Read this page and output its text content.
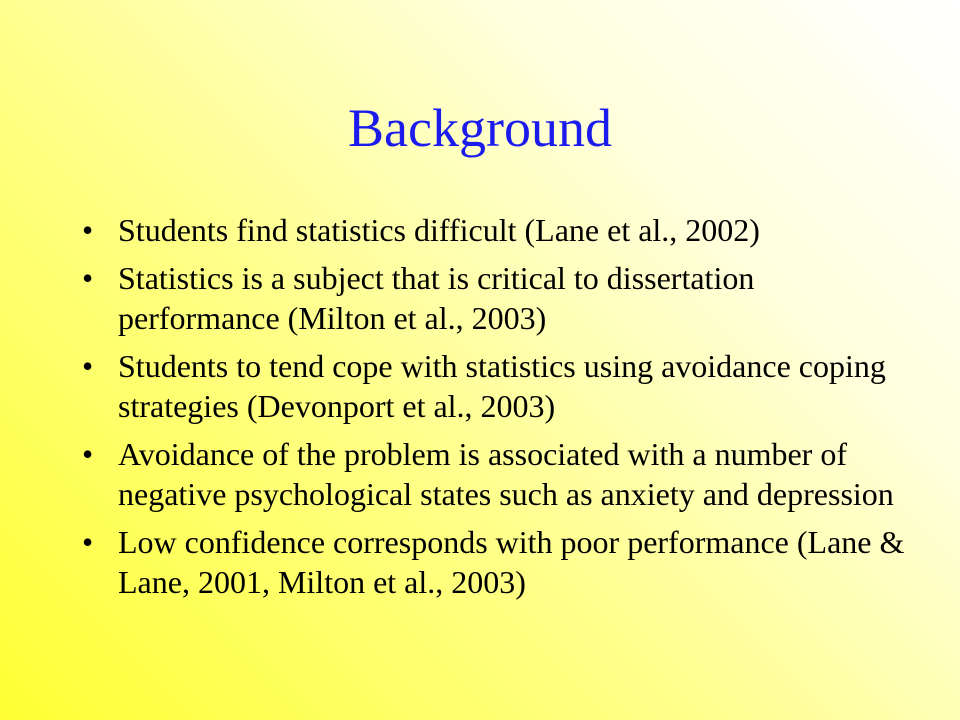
Background
• Students find statistics difficult (Lane et al., 2002)
• Statistics is a subject that is critical to dissertation performance (Milton et al., 2003)
• Students to tend cope with statistics using avoidance coping strategies (Devonport et al., 2003)
• Avoidance of the problem is associated with a number of negative psychological states such as anxiety and depression
• Low confidence corresponds with poor performance (Lane & Lane, 2001, Milton et al., 2003)
